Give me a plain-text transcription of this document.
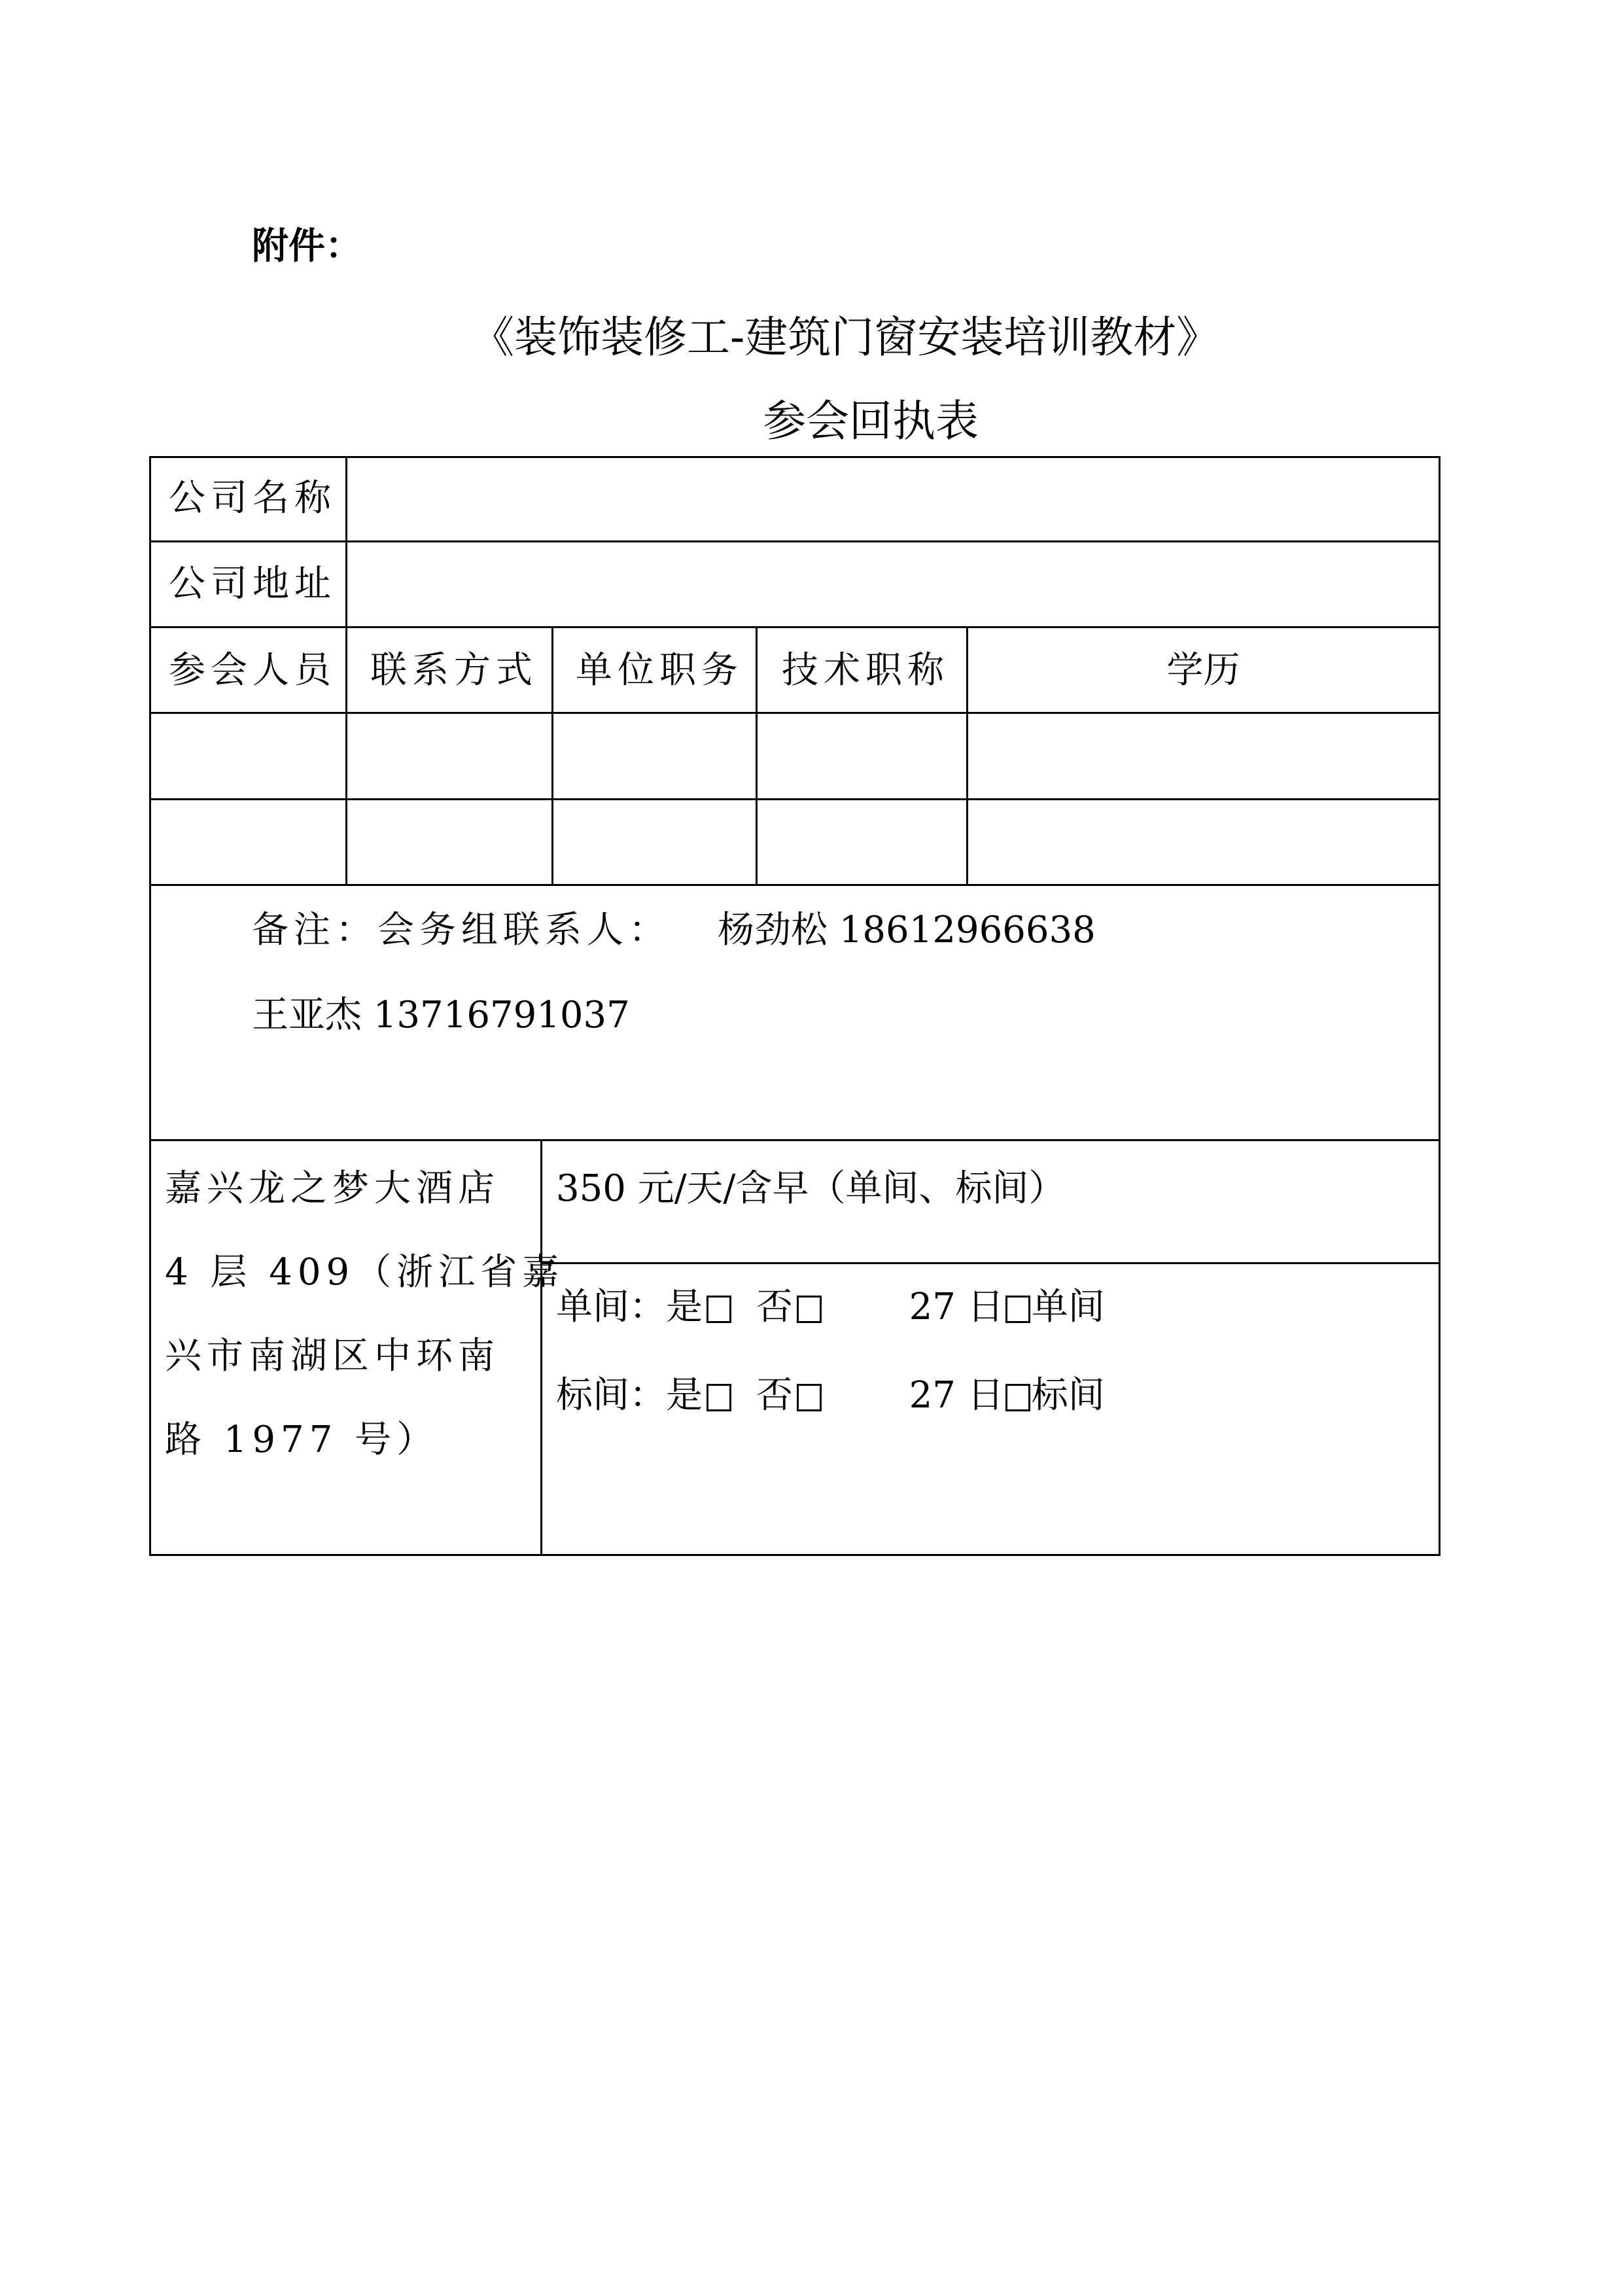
附件：
《装饰装修工-建筑门窗安装培训教材》
参会回执表
公司名称
公司地址
参会人员 联系方式 单位职务 技术职称	学历
备注：会务组联系人： 杨劲松 18612966638
王亚杰 13716791037
嘉兴龙之梦大酒店
4 层 409（浙江省嘉
兴市南湖区中环南
路 1977 号）
350 元/天/含早（单间、标间）
单间：是 否	27 日 单间
标间：是 否	27 日 标间
